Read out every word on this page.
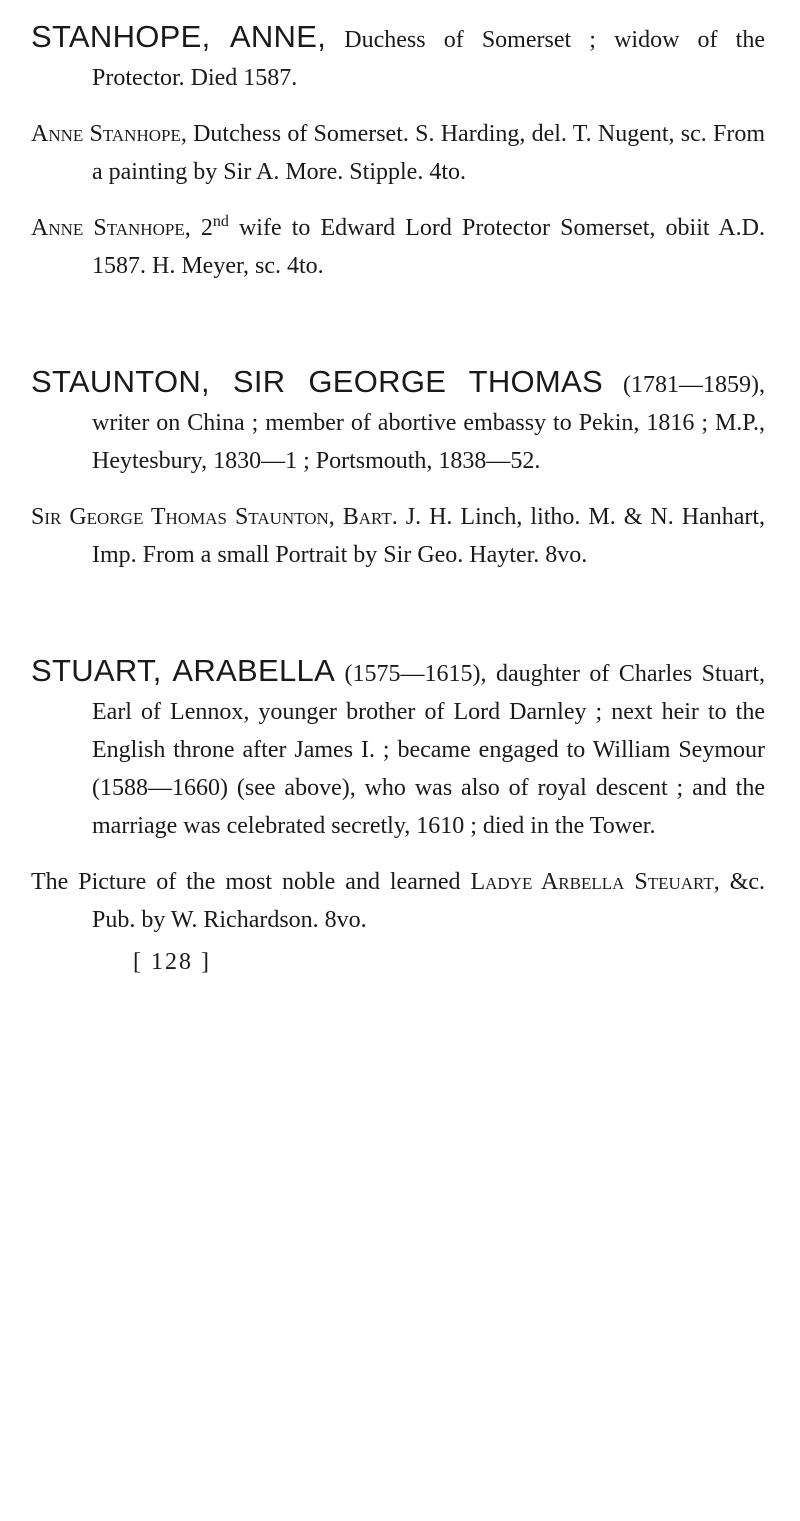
STANHOPE, ANNE, Duchess of Somerset ; widow of the Protector. Died 1587.

Anne Stanhope, Dutchess of Somerset. S. Harding, del. T. Nugent, sc. From a painting by Sir A. More. Stipple. 4to.

Anne Stanhope, 2nd wife to Edward Lord Protector Somerset, obiit A.D. 1587. H. Meyer, sc. 4to.

STAUNTON, SIR GEORGE THOMAS (1781—1859), writer on China ; member of abortive embassy to Pekin, 1816 ; M.P., Heytesbury, 1830—1 ; Portsmouth, 1838—52.

Sir George Thomas Staunton, Bart. J. H. Linch, litho. M. & N. Hanhart, Imp. From a small Portrait by Sir Geo. Hayter. 8vo.

STUART, ARABELLA (1575—1615), daughter of Charles Stuart, Earl of Lennox, younger brother of Lord Darnley ; next heir to the English throne after James I. ; became engaged to William Seymour (1588—1660) (see above), who was also of royal descent ; and the marriage was celebrated secretly, 1610 ; died in the Tower.

The Picture of the most noble and learned Ladye Arbella Steuart, &c. Pub. by W. Richardson. 8vo.

[ 128 ]
